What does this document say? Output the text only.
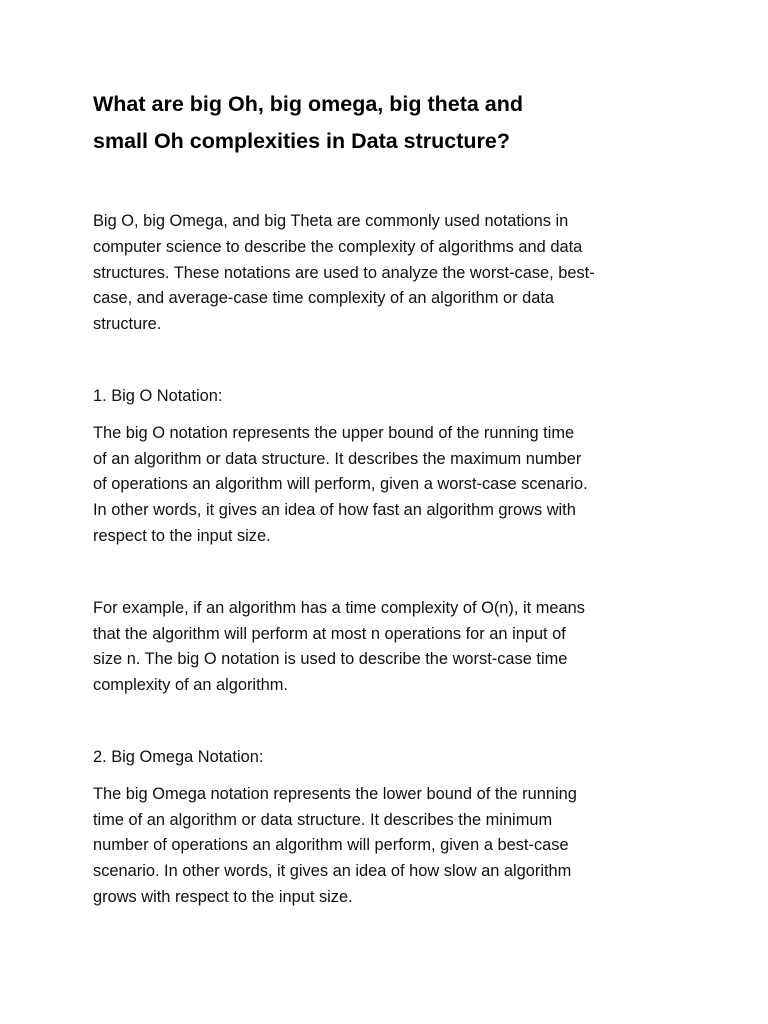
What are big Oh, big omega, big theta and
small Oh complexities in Data structure?

Big O, big Omega, and big Theta are commonly used notations in
computer science to describe the complexity of algorithms and data
structures. These notations are used to analyze the worst-case, best-
case, and average-case time complexity of an algorithm or data
structure.

1. Big O Notation:

The big O notation represents the upper bound of the running time
of an algorithm or data structure. It describes the maximum number
of operations an algorithm will perform, given a worst-case scenario.
In other words, it gives an idea of how fast an algorithm grows with
respect to the input size.

For example, if an algorithm has a time complexity of O(n), it means
that the algorithm will perform at most n operations for an input of
size n. The big O notation is used to describe the worst-case time
complexity of an algorithm.

2. Big Omega Notation:

The big Omega notation represents the lower bound of the running
time of an algorithm or data structure. It describes the minimum
number of operations an algorithm will perform, given a best-case
scenario. In other words, it gives an idea of how slow an algorithm
grows with respect to the input size.
